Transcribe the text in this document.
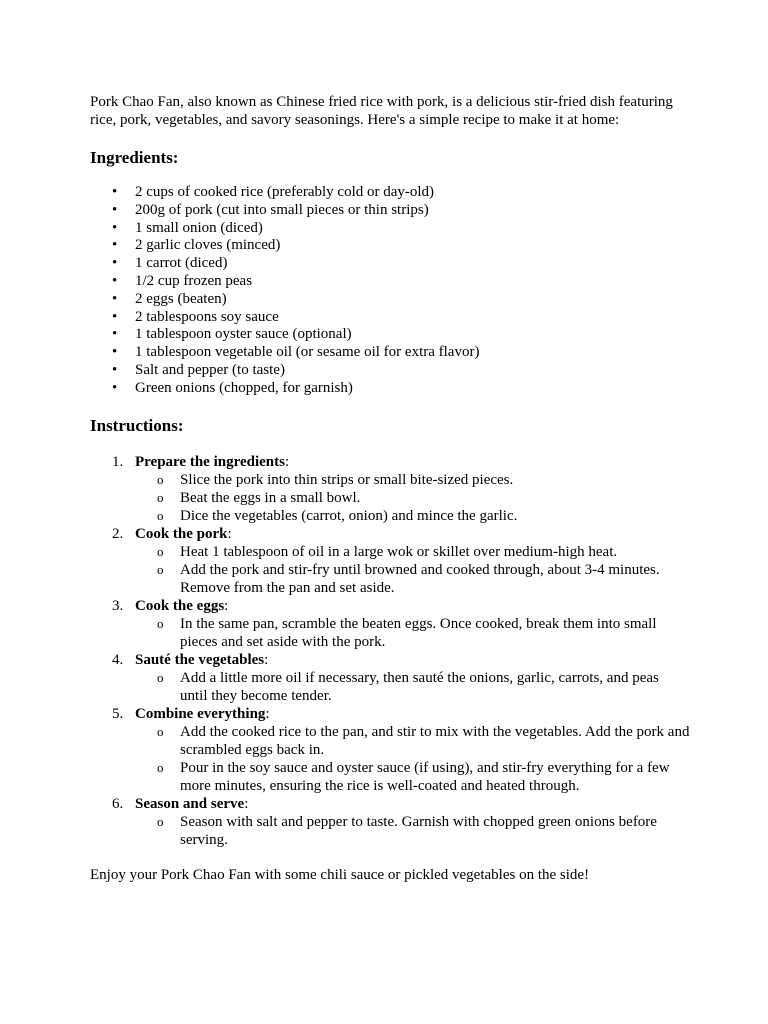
Pork Chao Fan, also known as Chinese fried rice with pork, is a delicious stir-fried dish featuring rice, pork, vegetables, and savory seasonings. Here's a simple recipe to make it at home:

Ingredients:
• 2 cups of cooked rice (preferably cold or day-old)
• 200g of pork (cut into small pieces or thin strips)
• 1 small onion (diced)
• 2 garlic cloves (minced)
• 1 carrot (diced)
• 1/2 cup frozen peas
• 2 eggs (beaten)
• 2 tablespoons soy sauce
• 1 tablespoon oyster sauce (optional)
• 1 tablespoon vegetable oil (or sesame oil for extra flavor)
• Salt and pepper (to taste)
• Green onions (chopped, for garnish)
Instructions:
1. Prepare the ingredients:
o Slice the pork into thin strips or small bite-sized pieces.
o Beat the eggs in a small bowl.
o Dice the vegetables (carrot, onion) and mince the garlic.
2. Cook the pork:
o Heat 1 tablespoon of oil in a large wok or skillet over medium-high heat.
o Add the pork and stir-fry until browned and cooked through, about 3-4 minutes. Remove from the pan and set aside.
3. Cook the eggs:
o In the same pan, scramble the beaten eggs. Once cooked, break them into small pieces and set aside with the pork.
4. Sauté the vegetables:
o Add a little more oil if necessary, then sauté the onions, garlic, carrots, and peas until they become tender.
5. Combine everything:
o Add the cooked rice to the pan, and stir to mix with the vegetables. Add the pork and scrambled eggs back in.
o Pour in the soy sauce and oyster sauce (if using), and stir-fry everything for a few more minutes, ensuring the rice is well-coated and heated through.
6. Season and serve:
o Season with salt and pepper to taste. Garnish with chopped green onions before serving.

Enjoy your Pork Chao Fan with some chili sauce or pickled vegetables on the side!
